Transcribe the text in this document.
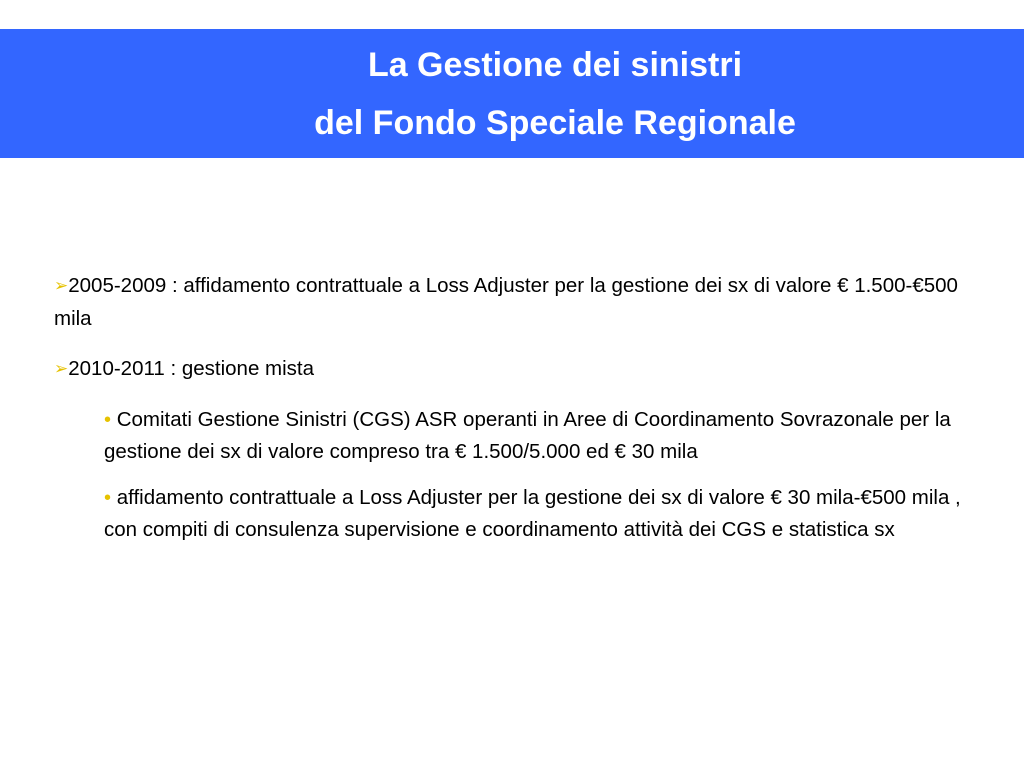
La Gestione dei sinistri
del Fondo Speciale Regionale
➢2005-2009 : affidamento contrattuale a Loss Adjuster per la gestione dei sx di valore € 1.500-€500 mila
➢2010-2011 : gestione mista
• Comitati Gestione Sinistri (CGS) ASR operanti in Aree di Coordinamento Sovrazonale per la gestione dei sx di valore compreso tra € 1.500/5.000 ed € 30 mila
• affidamento contrattuale a Loss Adjuster per la gestione dei sx di valore € 30 mila-€500 mila , con compiti di consulenza supervisione e coordinamento attività dei CGS e statistica sx
